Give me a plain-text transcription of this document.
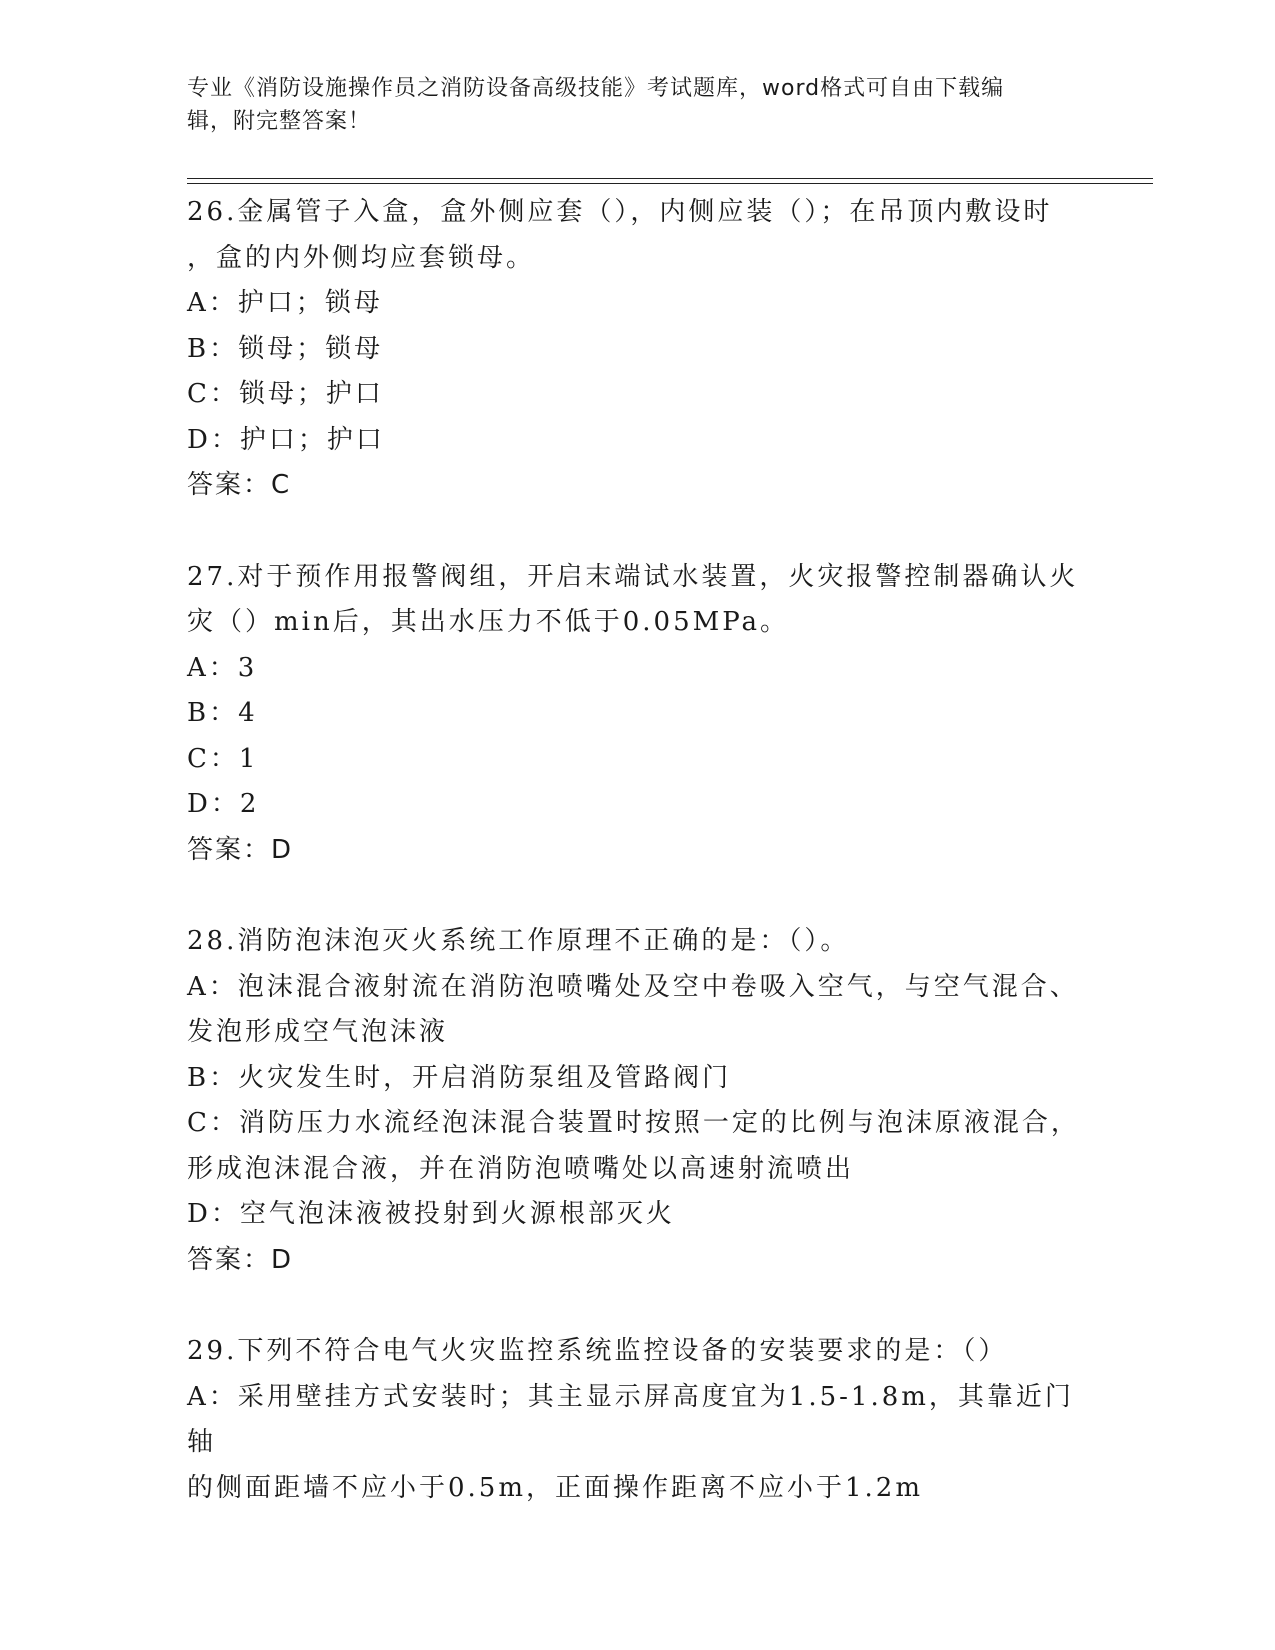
专业《消防设施操作员之消防设备高级技能》考试题库，word格式可自由下载编
辑，附完整答案！

26.金属管子入盒，盒外侧应套（），内侧应装（）；在吊顶内敷设时

，盒的内外侧均应套锁母。

A：护口；锁母

B：锁母；锁母

C：锁母；护口

D：护口；护口

答案：C

27.对于预作用报警阀组，开启末端试水装置，火灾报警控制器确认火

灾（）min后，其出水压力不低于0.05MPa。

A：3

B：4

C：1

D：2

答案：D

28.消防泡沫泡灭火系统工作原理不正确的是：（）。

A：泡沫混合液射流在消防泡喷嘴处及空中卷吸入空气，与空气混合、

发泡形成空气泡沫液

B：火灾发生时，开启消防泵组及管路阀门

C：消防压力水流经泡沫混合装置时按照一定的比例与泡沫原液混合，

形成泡沫混合液，并在消防泡喷嘴处以高速射流喷出

D：空气泡沫液被投射到火源根部灭火

答案：D

29.下列不符合电气火灾监控系统监控设备的安装要求的是：（）

A：采用壁挂方式安装时；其主显示屏高度宜为1.5-1.8m，其靠近门轴

的侧面距墙不应小于0.5m，正面操作距离不应小于1.2m
